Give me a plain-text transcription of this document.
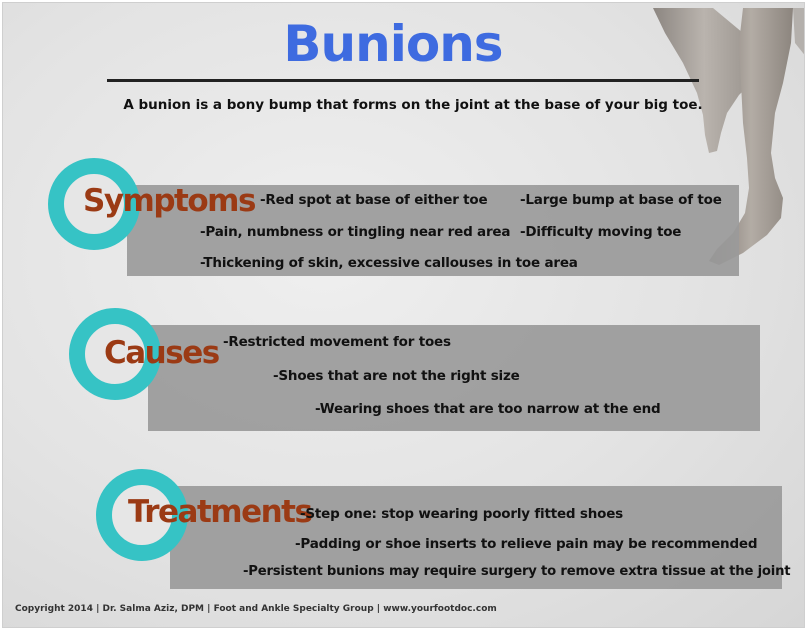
Bunions
A bunion is a bony bump that forms on the joint at the base of your big toe.
Symptoms -Red spot at base of either toe -Large bump at base of toe
-Pain, numbness or tingling near red area -Difficulty moving toe
-Thickening of skin, excessive callouses in toe area
Causes -Restricted movement for toes
-Shoes that are not the right size
-Wearing shoes that are too narrow at the end
Treatments
-Step one: stop wearing poorly fitted shoes
-Padding or shoe inserts to relieve pain may be recommended
-Persistent bunions may require surgery to remove extra tissue at the joint
Copyright 2014 | Dr. Salma Aziz, DPM | Foot and Ankle Specialty Group | www.yourfootdoc.com
